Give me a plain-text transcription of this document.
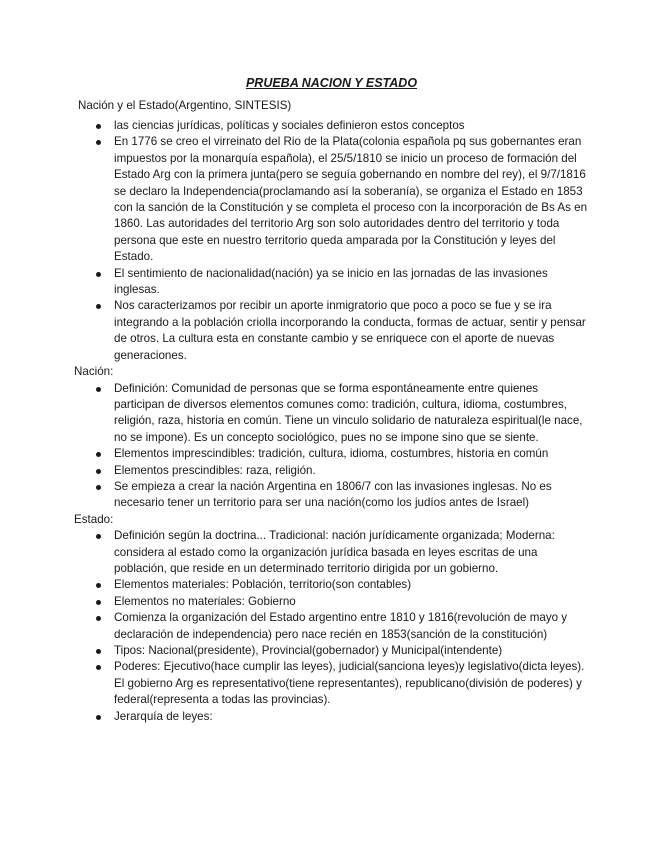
PRUEBA NACION Y ESTADO
Nación y el Estado(Argentino, SINTESIS)
las ciencias jurídicas, políticas y sociales definieron estos conceptos
En 1776 se creo el virreinato del Rio de la Plata(colonia española pq sus gobernantes eran impuestos por la monarquía española), el 25/5/1810 se inicio un proceso de formación del Estado Arg con la primera junta(pero se seguía gobernando en nombre del rey), el 9/7/1816 se declaro la Independencia(proclamando así la soberanía), se organiza el Estado en 1853 con la sanción de la Constitución y se completa el proceso con la incorporación de Bs As en 1860. Las autoridades del territorio Arg son solo autoridades dentro del territorio y toda persona que este en nuestro territorio queda amparada por la Constitución y leyes del Estado.
El sentimiento de nacionalidad(nación) ya se inicio en las jornadas de las invasiones inglesas.
Nos caracterizamos por recibir un aporte inmigratorio que poco a poco se fue y se ira integrando a la población criolla incorporando la conducta, formas de actuar, sentir y pensar de otros. La cultura esta en constante cambio y se enriquece con el aporte de nuevas generaciones.
Nación:
Definición: Comunidad de personas que se forma espontáneamente entre quienes participan de diversos elementos comunes como: tradición, cultura, idioma, costumbres, religión, raza, historia en común. Tiene un vinculo solidario de naturaleza espiritual(le nace, no se impone). Es un concepto sociológico, pues no se impone sino que se siente.
Elementos imprescindibles: tradición, cultura, idioma, costumbres, historia en común
Elementos prescindibles: raza, religión.
Se empieza a crear la nación Argentina en 1806/7 con las invasiones inglesas. No es necesario tener un territorio para ser una nación(como los judíos antes de Israel)
Estado:
Definición según la doctrina... Tradicional: nación jurídicamente organizada; Moderna: considera al estado como la organización jurídica basada en leyes escritas de una población, que reside en un determinado territorio dirigida por un gobierno.
Elementos materiales: Población, territorio(son contables)
Elementos no materiales: Gobierno
Comienza la organización del Estado argentino entre 1810 y 1816(revolución de mayo y declaración de independencia) pero nace recién en 1853(sanción de la constitución)
Tipos: Nacional(presidente), Provincial(gobernador) y Municipal(intendente)
Poderes: Ejecutivo(hace cumplir las leyes), judicial(sanciona leyes)y legislativo(dicta leyes). El gobierno Arg es representativo(tiene representantes), republicano(división de poderes) y federal(representa a todas las provincias).
Jerarquía de leyes:
